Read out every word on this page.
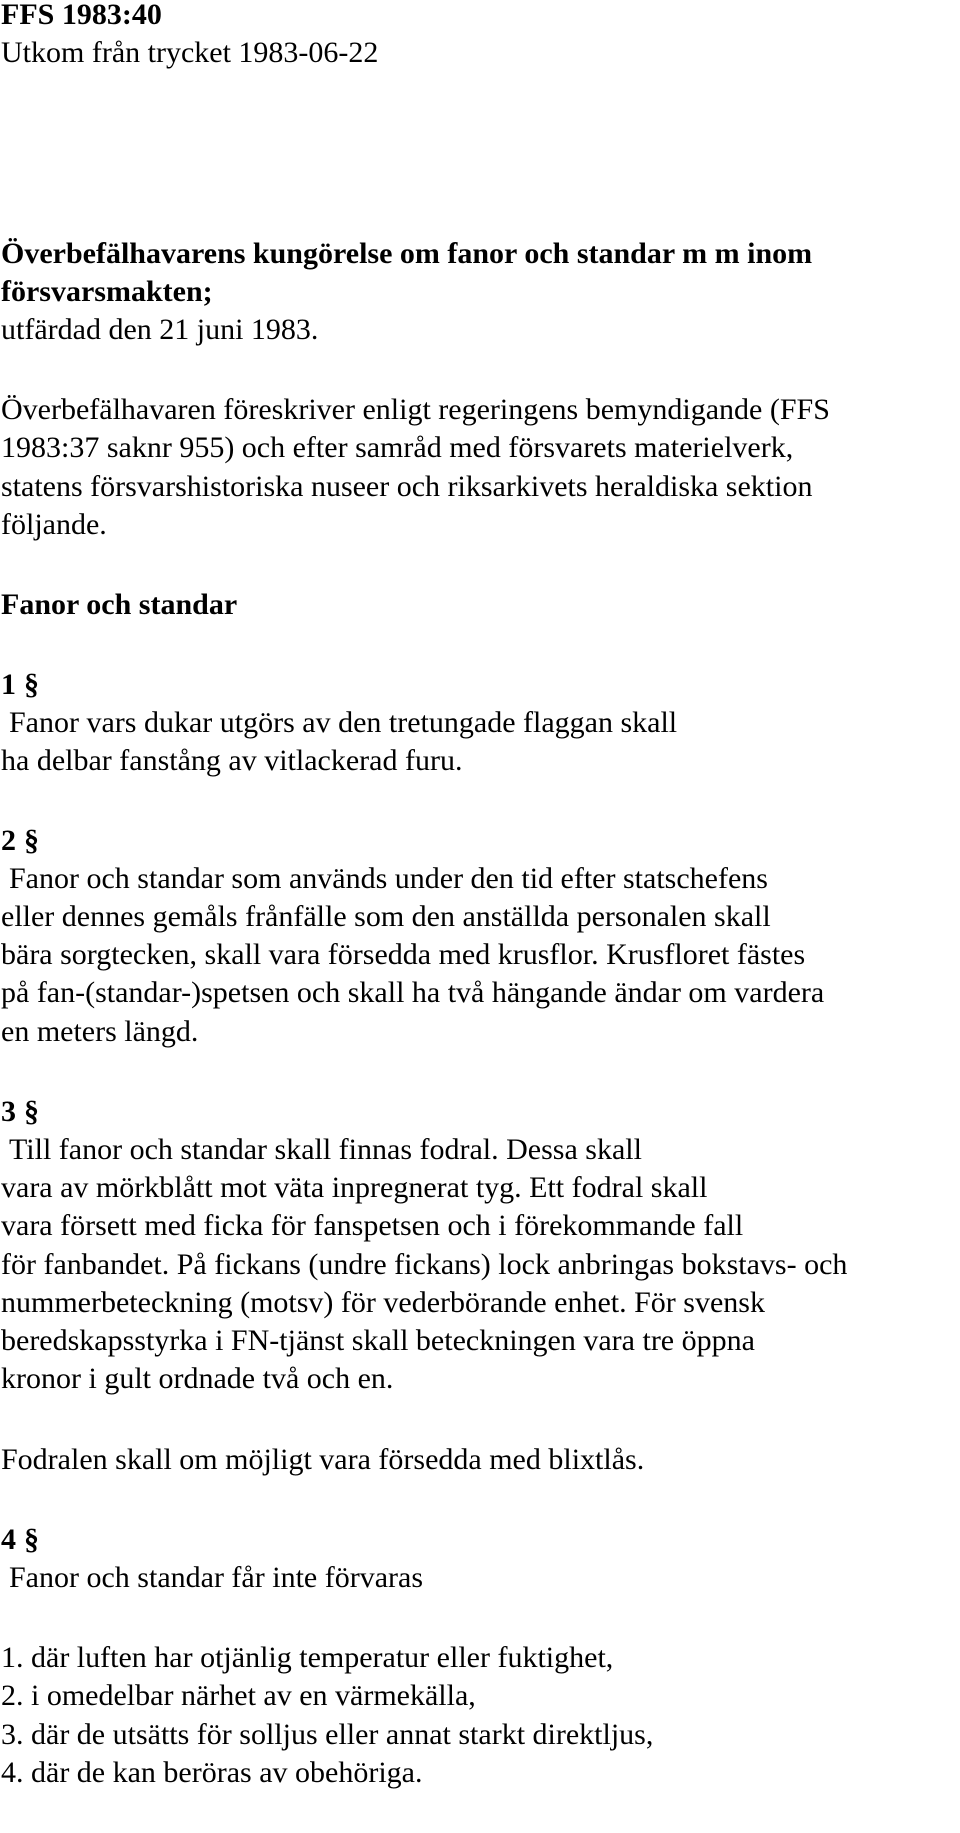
FFS 1983:40
Utkom från trycket 1983-06-22
Överbefälhavarens kungörelse om fanor och standar m m inom
försvarsmakten;
utfärdad den 21 juni 1983.
Överbefälhavaren föreskriver enligt regeringens bemyndigande (FFS
1983:37 saknr 955) och efter samråd med försvarets materielverk,
statens försvarshistoriska nuseer och riksarkivets heraldiska sektion
följande.
Fanor och standar
1 §
Fanor vars dukar utgörs av den tretungade flaggan skall
ha delbar fanstång av vitlackerad furu.
2 §
Fanor och standar som används under den tid efter statschefens
eller dennes gemåls frånfälle som den anställda personalen skall
bära sorgtecken, skall vara försedda med krusflor. Krusfloret fästes
på fan-(standar-)spetsen och skall ha två hängande ändar om vardera
en meters längd.
3 §
Till fanor och standar skall finnas fodral. Dessa skall
vara av mörkblått mot väta inpregnerat tyg. Ett fodral skall
vara försett med ficka för fanspetsen och i förekommande fall
för fanbandet. På fickans (undre fickans) lock anbringas bokstavs- och
nummerbeteckning (motsv) för vederbörande enhet. För svensk
beredskapsstyrka i FN-tjänst skall beteckningen vara tre öppna
kronor i gult ordnade två och en.
Fodralen skall om möjligt vara försedda med blixtlås.
4 §
Fanor och standar får inte förvaras
1. där luften har otjänlig temperatur eller fuktighet,
2. i omedelbar närhet av en värmekälla,
3. där de utsätts för solljus eller annat starkt direktljus,
4. där de kan beröras av obehöriga.
